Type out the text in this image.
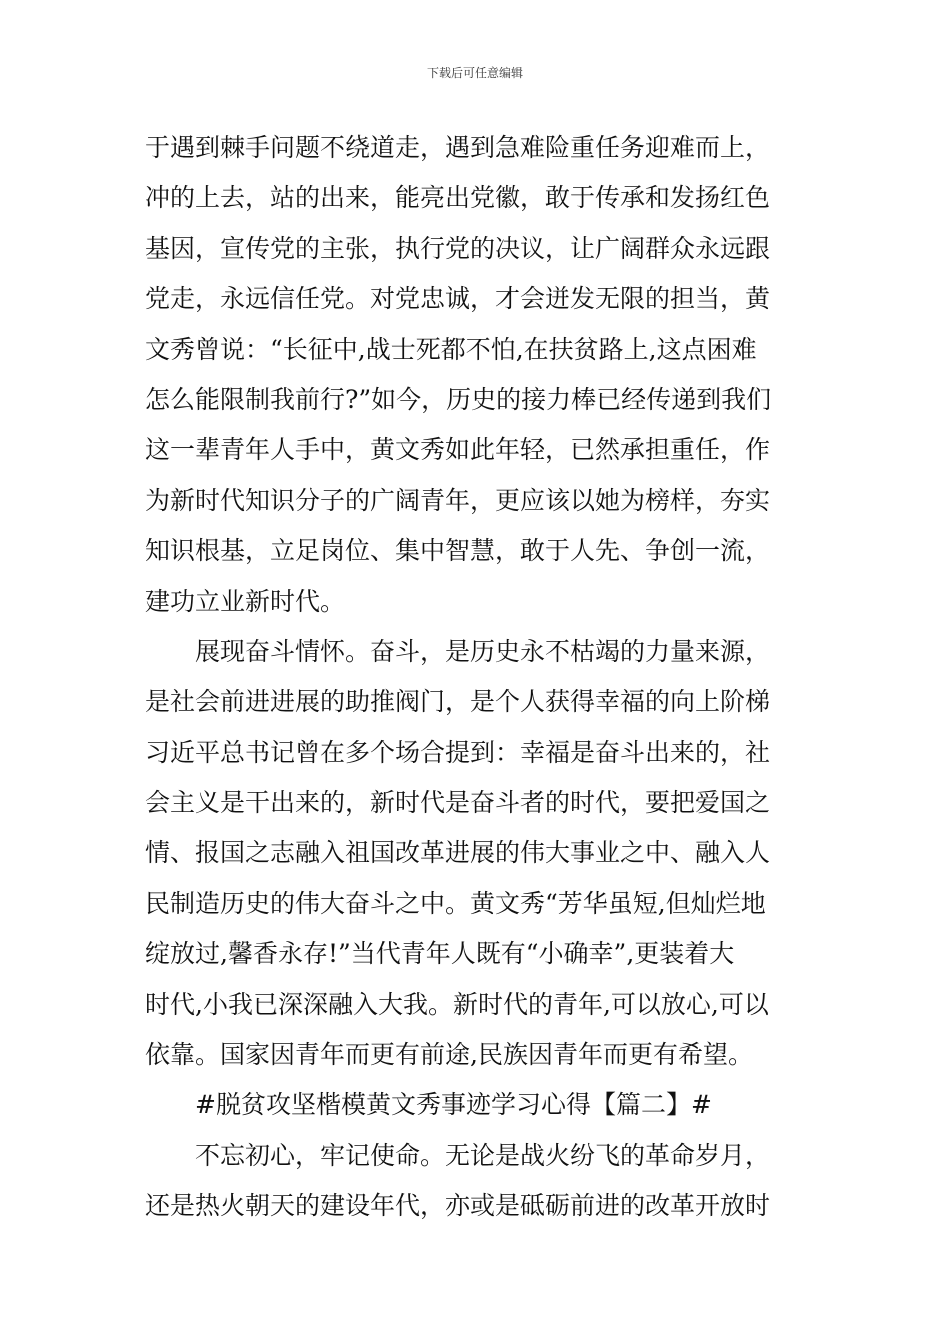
下载后可任意编辑
于遇到棘手问题不绕道走，遇到急难险重任务迎难而上，
冲的上去，站的出来，能亮出党徽，敢于传承和发扬红色
基因，宣传党的主张，执行党的决议，让广阔群众永远跟
党走，永远信任党。对党忠诚，才会迸发无限的担当，黄
文秀曾说：“长征中,战士死都不怕,在扶贫路上,这点困难
怎么能限制我前行?”如今，历史的接力棒已经传递到我们
这一辈青年人手中，黄文秀如此年轻，已然承担重任，作
为新时代知识分子的广阔青年，更应该以她为榜样，夯实
知识根基，立足岗位、集中智慧，敢于人先、争创一流，
建功立业新时代。
展现奋斗情怀。奋斗，是历史永不枯竭的力量来源，
是社会前进进展的助推阀门，是个人获得幸福的向上阶梯
习近平总书记曾在多个场合提到：幸福是奋斗出来的，社
会主义是干出来的，新时代是奋斗者的时代，要把爱国之
情、报国之志融入祖国改革进展的伟大事业之中、融入人
民制造历史的伟大奋斗之中。黄文秀“芳华虽短,但灿烂地
绽放过,馨香永存!”当代青年人既有“小确幸”,更装着大
时代,小我已深深融入大我。新时代的青年,可以放心,可以
依靠。国家因青年而更有前途,民族因青年而更有希望。
#脱贫攻坚楷模黄文秀事迹学习心得【篇二】#
不忘初心，牢记使命。无论是战火纷飞的革命岁月，
还是热火朝天的建设年代，亦或是砥砺前进的改革开放时
